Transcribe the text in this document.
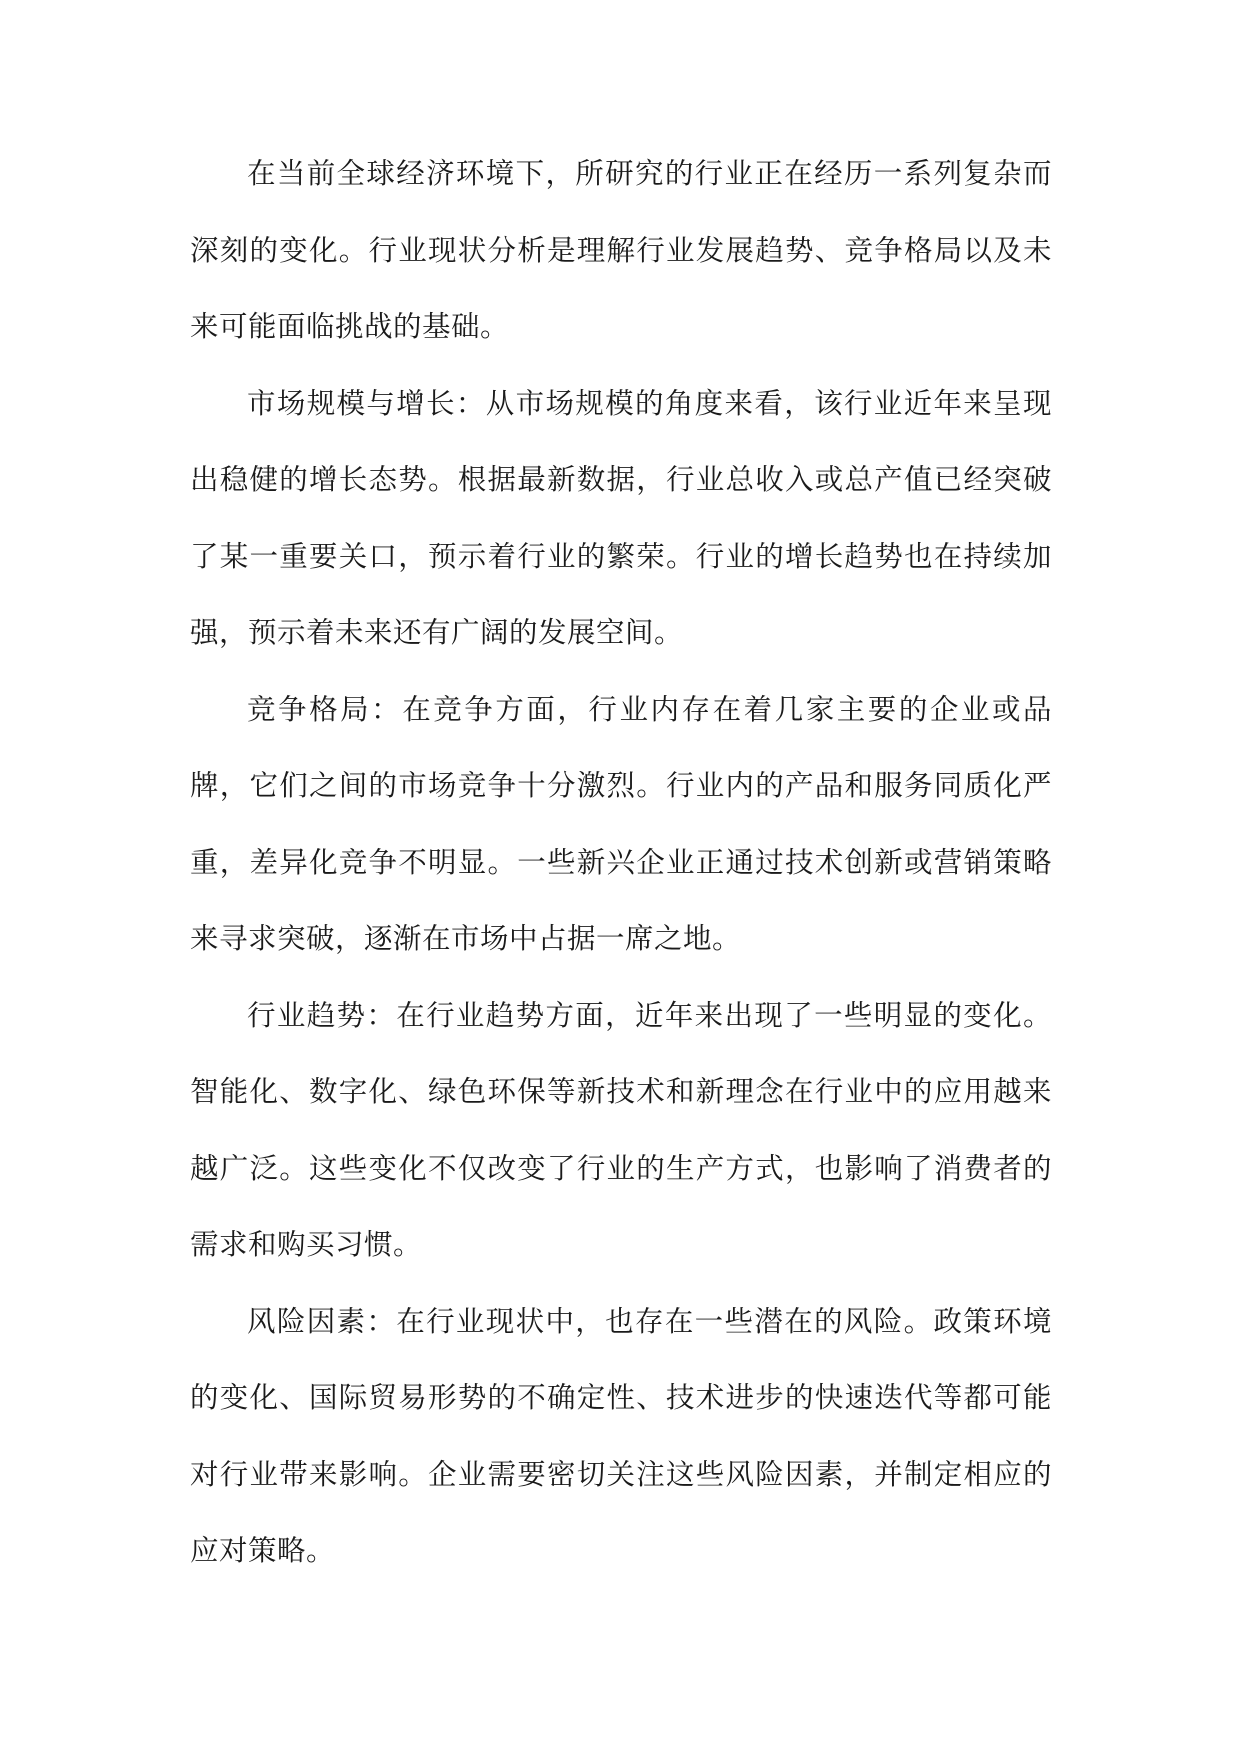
在当前全球经济环境下，所研究的行业正在经历一系列复杂而深刻的变化。行业现状分析是理解行业发展趋势、竞争格局以及未来可能面临挑战的基础。

市场规模与增长：从市场规模的角度来看，该行业近年来呈现出稳健的增长态势。根据最新数据，行业总收入或总产值已经突破了某一重要关口，预示着行业的繁荣。行业的增长趋势也在持续加强，预示着未来还有广阔的发展空间。

竞争格局：在竞争方面，行业内存在着几家主要的企业或品牌，它们之间的市场竞争十分激烈。行业内的产品和服务同质化严重，差异化竞争不明显。一些新兴企业正通过技术创新或营销策略来寻求突破，逐渐在市场中占据一席之地。

行业趋势：在行业趋势方面，近年来出现了一些明显的变化。智能化、数字化、绿色环保等新技术和新理念在行业中的应用越来越广泛。这些变化不仅改变了行业的生产方式，也影响了消费者的需求和购买习惯。

风险因素：在行业现状中，也存在一些潜在的风险。政策环境的变化、国际贸易形势的不确定性、技术进步的快速迭代等都可能对行业带来影响。企业需要密切关注这些风险因素，并制定相应的应对策略。
